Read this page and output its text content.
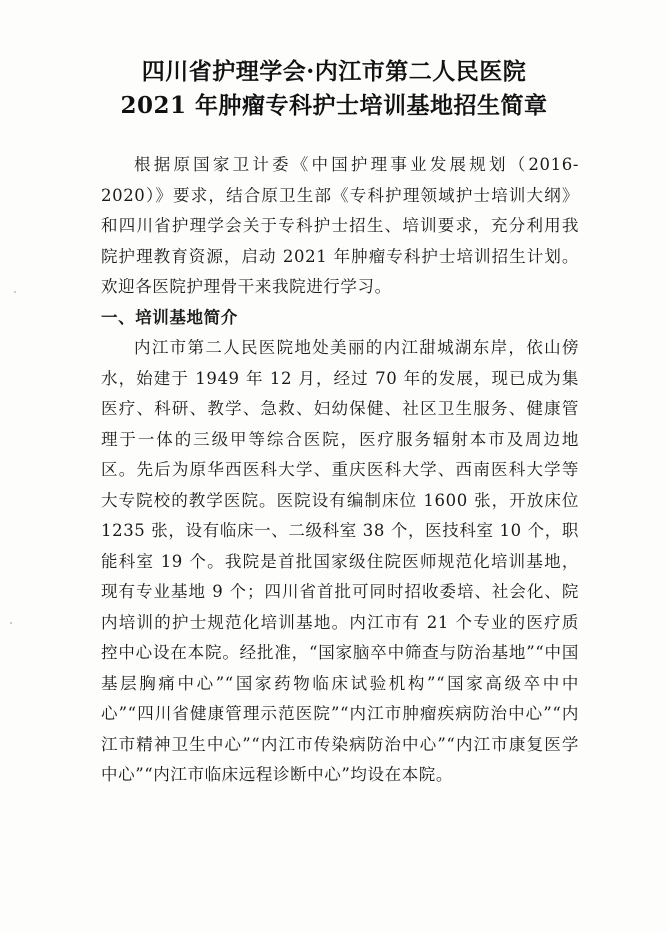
四川省护理学会·内江市第二人民医院
2021 年肿瘤专科护士培训基地招生简章

根据原国家卫计委《中国护理事业发展规划（2016-2020）》要求，结合原卫生部《专科护理领域护士培训大纲》和四川省护理学会关于专科护士招生、培训要求，充分利用我院护理教育资源，启动 2021 年肿瘤专科护士培训招生计划。欢迎各医院护理骨干来我院进行学习。

一、培训基地简介

内江市第二人民医院地处美丽的内江甜城湖东岸，依山傍水，始建于 1949 年 12 月，经过 70 年的发展，现已成为集医疗、科研、教学、急救、妇幼保健、社区卫生服务、健康管理于一体的三级甲等综合医院，医疗服务辐射本市及周边地区。先后为原华西医科大学、重庆医科大学、西南医科大学等大专院校的教学医院。医院设有编制床位 1600 张，开放床位 1235 张，设有临床一、二级科室 38 个，医技科室 10 个，职能科室 19 个。我院是首批国家级住院医师规范化培训基地，现有专业基地 9 个；四川省首批可同时招收委培、社会化、院内培训的护士规范化培训基地。内江市有 21 个专业的医疗质控中心设在本院。经批准，“国家脑卒中筛查与防治基地”“中国基层胸痛中心”“国家药物临床试验机构”“国家高级卒中中心”“四川省健康管理示范医院”“内江市肿瘤疾病防治中心”“内江市精神卫生中心”“内江市传染病防治中心”“内江市康复医学中心”“内江市临床远程诊断中心”均设在本院。
